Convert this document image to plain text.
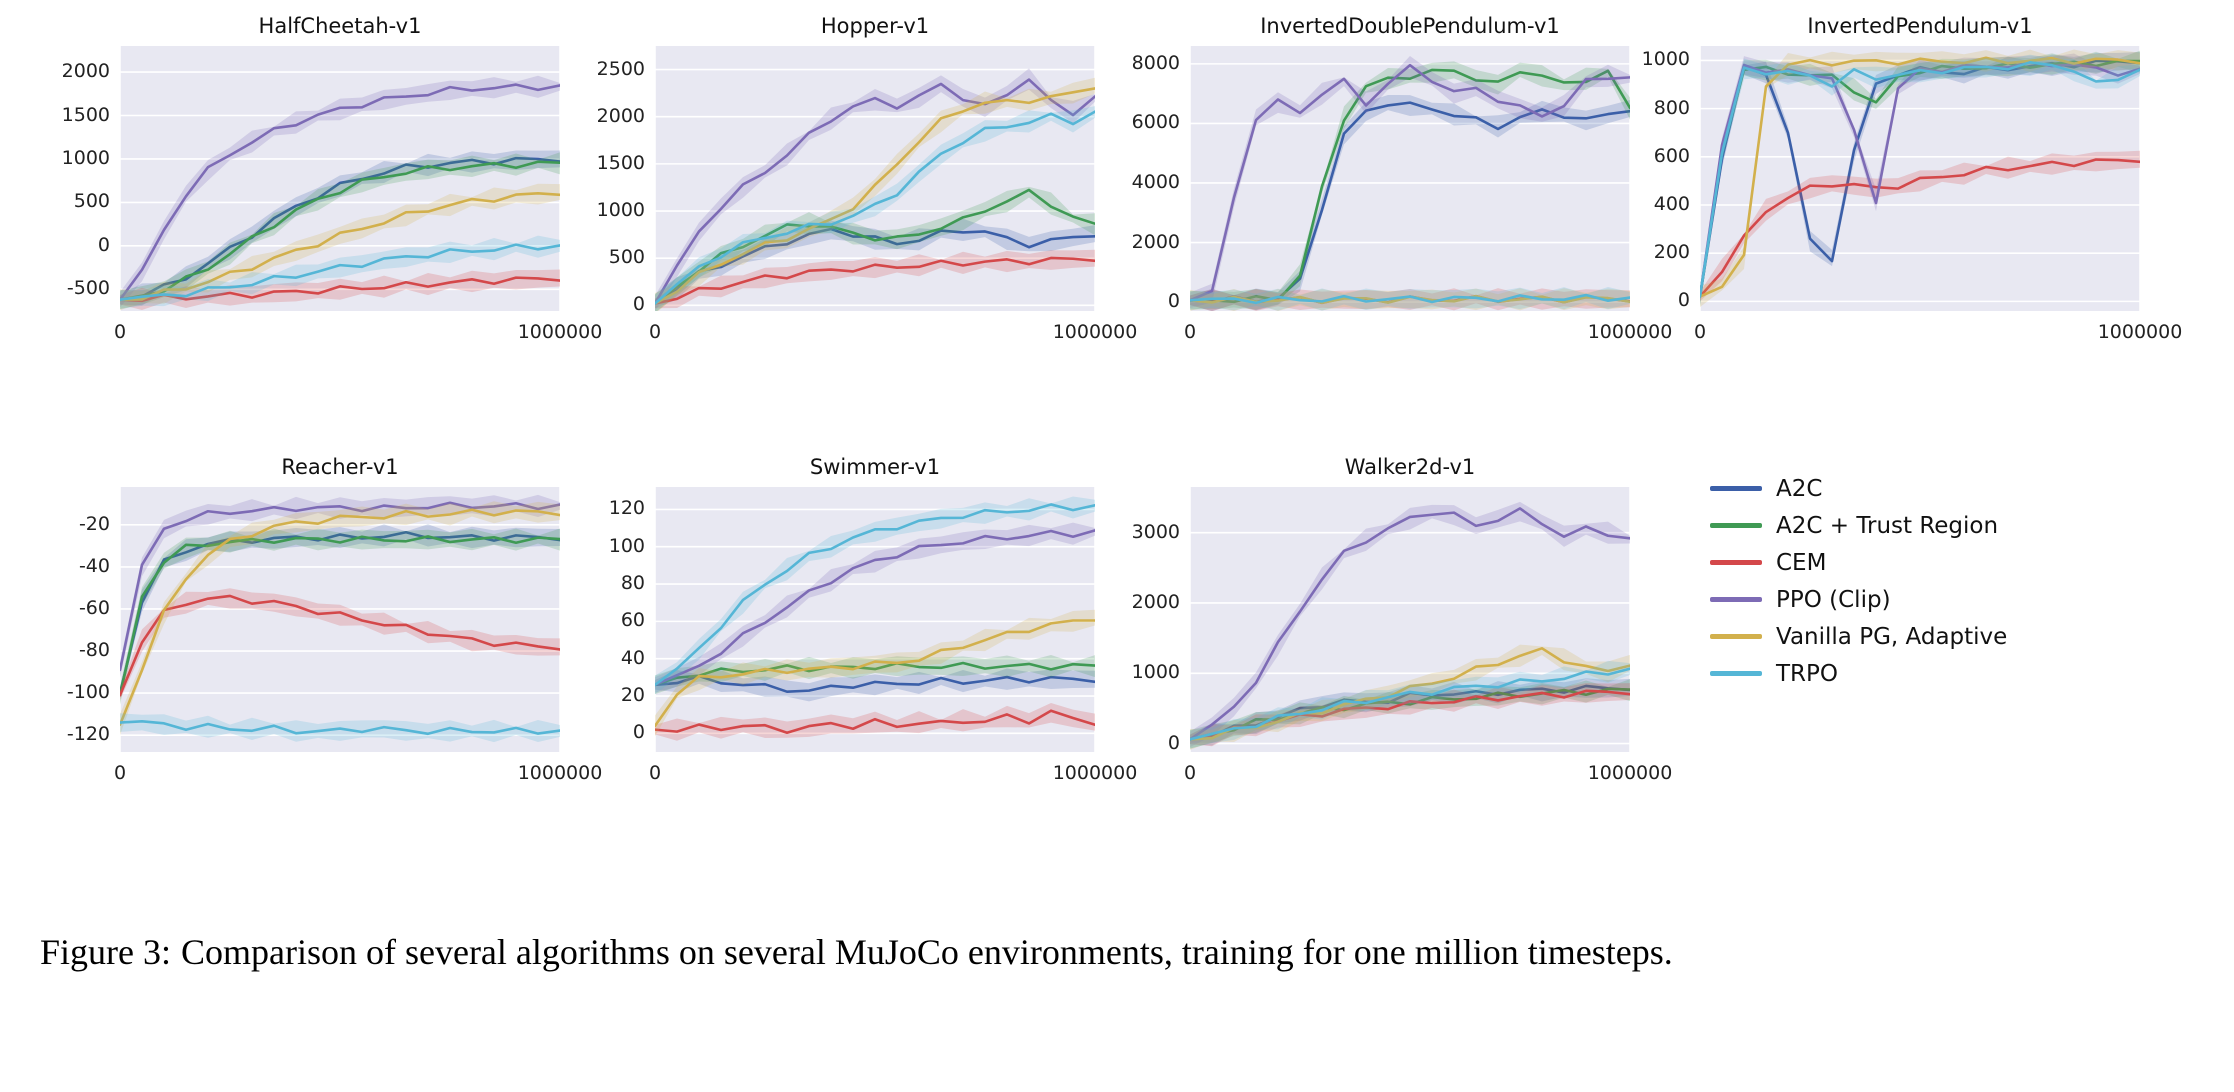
HalfCheetah-v1
-500
0
500
1000
1500
2000
0	1000000
Hopper-v1
0
500
1000
1500
2000
2500
0	1000000
InvertedDoublePendulum-v1
0
2000
4000
6000
8000
0	1000000
InvertedPendulum-v1
0
200
400
600
800
1000
0	1000000
Reacher-v1
-120
-100
-80
-60
-40
-20
0	1000000
Swimmer-v1
0
20
40
60
80
100
120
0	1000000
Walker2d-v1
0
1000
2000
3000
0	1000000
A2C
A2C + Trust Region
CEM
PPO (Clip)
Vanilla PG, Adaptive
TRPO
Figure 3: Comparison of several algorithms on several MuJoCo environments, training for one million timesteps.
